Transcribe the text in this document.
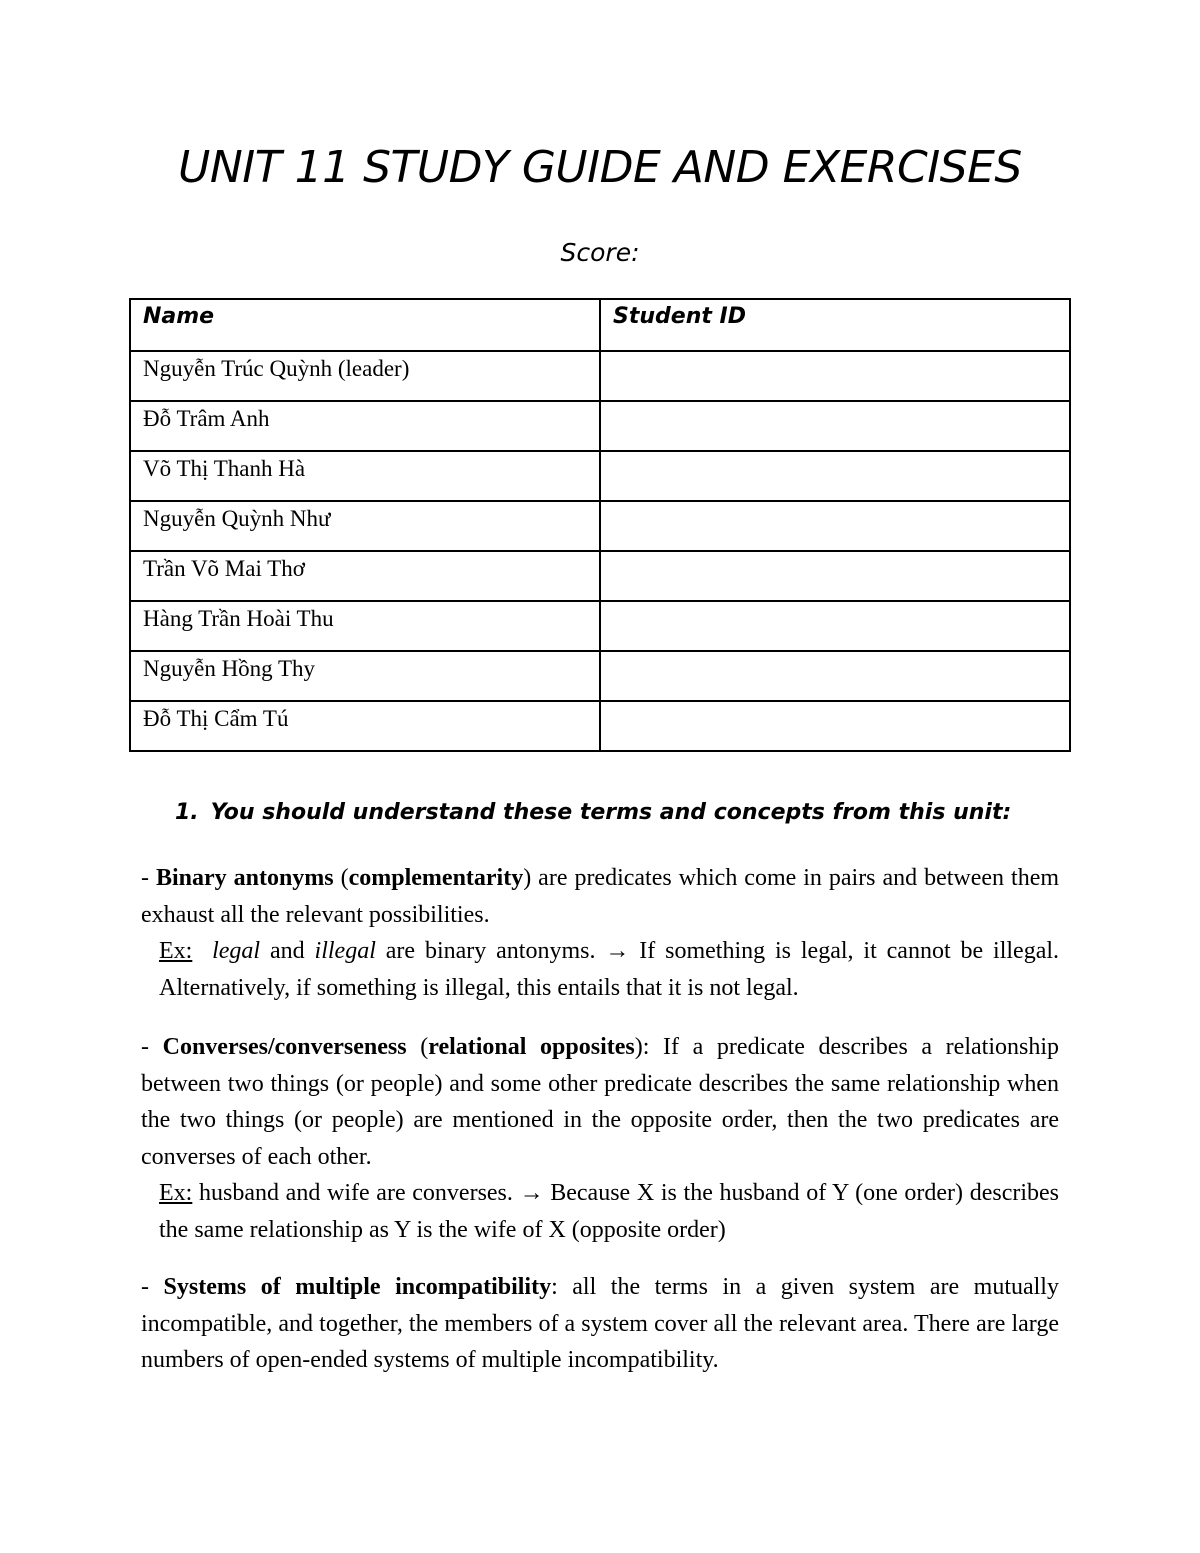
UNIT 11 STUDY GUIDE AND EXERCISES
Score:
Name	Student ID
Nguyễn Trúc Quỳnh (leader)	
Đỗ Trâm Anh	
Võ Thị Thanh Hà	
Nguyễn Quỳnh Như	
Trần Võ Mai Thơ	
Hàng Trần Hoài Thu	
Nguyễn Hồng Thy	
Đỗ Thị Cẩm Tú	
1. You should understand these terms and concepts from this unit:

- Binary antonyms (complementarity) are predicates which come in pairs and between them exhaust all the relevant possibilities.

Ex: legal and illegal are binary antonyms. → If something is legal, it cannot be illegal. Alternatively, if something is illegal, this entails that it is not legal.

- Converses/converseness (relational opposites): If a predicate describes a relationship between two things (or people) and some other predicate describes the same relationship when the two things (or people) are mentioned in the opposite order, then the two predicates are converses of each other.

Ex: husband and wife are converses. → Because X is the husband of Y (one order) describes the same relationship as Y is the wife of X (opposite order)

- Systems of multiple incompatibility: all the terms in a given system are mutually incompatible, and together, the members of a system cover all the relevant area. There are large numbers of open-ended systems of multiple incompatibility.
